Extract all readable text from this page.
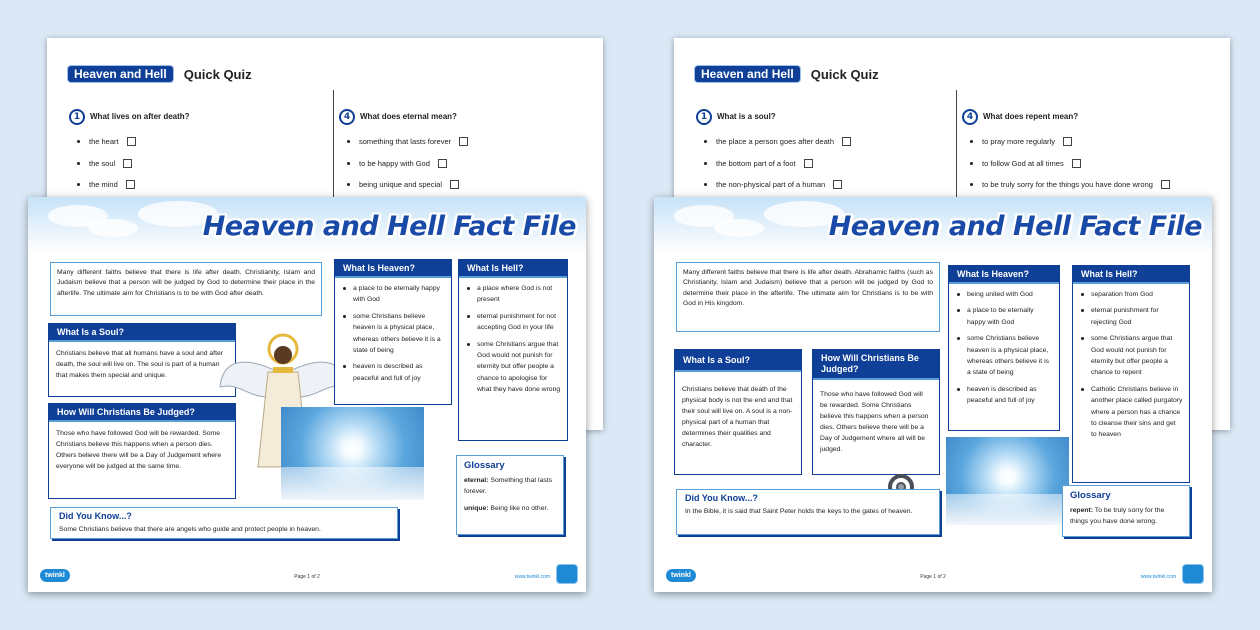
Heaven and Hell	Quick Quiz
1 What lives on after death?
the heart
the soul
the mind
4 What does eternal mean?
something that lasts forever
to be happy with God
being unique and special
Heaven and Hell	Quick Quiz
1 What is a soul?
the place a person goes after death
the bottom part of a foot
the non-physical part of a human
4 What does repent mean?
to pray more regularly
to follow God at all times
to be truly sorry for the things you have done wrong
Heaven and Hell Fact File
Many different faiths believe that there is life after death. Christianity, Islam and Judaism believe that a person will be judged by God to determine their place in the afterlife. The ultimate aim for Christians is to be with God after death.
What Is a Soul?

Christians believe that all humans have a soul and after death, the soul will live on. The soul is part of a human that makes them special and unique.

How Will Christians Be Judged?

Those who have followed God will be rewarded. Some Christians believe this happens when a person dies. Others believe there will be a Day of Judgement where everyone will be judged at the same time.

What Is Heaven?
a place to be eternally happy with God
some Christians believe heaven is a physical place, whereas others believe it is a state of being
heaven is described as peaceful and full of joy
What Is Hell?
a place where God is not present
eternal punishment for not accepting God in your life
some Christians argue that God would not punish for eternity but offer people a chance to apologise for what they have done wrong
Glossary
eternal: Something that lasts forever.
unique: Being like no other.
Did You Know...?
Some Christians believe that there are angels who guide and protect people in heaven.
twinkl	Page 1 of 2	www.twinkl.com
Heaven and Hell Fact File
Many different faiths believe that there is life after death. Abrahamic faiths (such as Christianity, Islam and Judaism) believe that a person will be judged by God to determine their place in the afterlife. The ultimate aim for Christians is to be with God in His kingdom.
What Is a Soul?

Christians believe that death of the physical body is not the end and that their soul will live on. A soul is a non-physical part of a human that determines their qualities and character.

How Will Christians Be Judged?

Those who have followed God will be rewarded. Some Christians believe this happens when a person dies. Others believe there will be a Day of Judgement where all will be judged.

What Is Heaven?
being united with God
a place to be eternally happy with God
some Christians believe heaven is a physical place, whereas others believe it is a state of being
heaven is described as peaceful and full of joy
What Is Hell?
separation from God
eternal punishment for rejecting God
some Christians argue that God would not punish for eternity but offer people a chance to repent
Catholic Christians believe in another place called purgatory where a person has a chance to cleanse their sins and get to heaven
Did You Know...?
In the Bible, it is said that Saint Peter holds the keys to the gates of heaven.
Glossary
repent: To be truly sorry for the things you have done wrong.
twinkl	Page 1 of 2	www.twinkl.com
